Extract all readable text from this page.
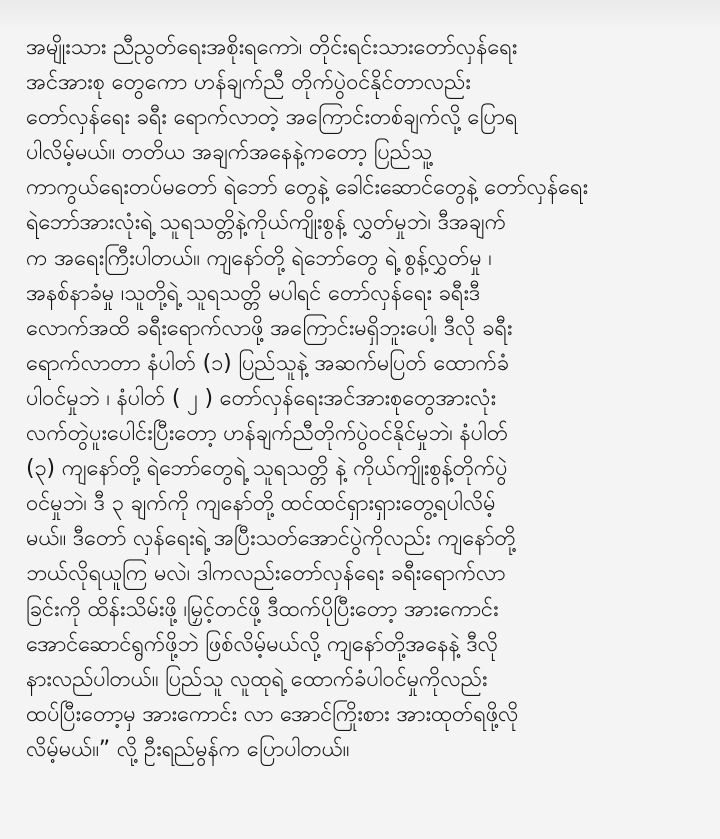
အမျိုးသား ညီညွတ်ရေးအစိုးရကောဲ၊ တိုင်းရင်းသားတော်လှန်ရေး
အင်အားစု တွေကော ဟန်ချက်ညီ တိုက်ပွဲဝင်နိုင်တာလည်း
တော်လှန်ရေး ခရီး ရောက်လာတဲ့ အကြောင်းတစ်ချက်လို့ ပြောရ
ပါလိမ့်မယ်။ တတိယ အချက်အနေနဲ့ကတော့ ပြည်သူ့
ကာကွယ်ရေးတပ်မတော် ရဲဘော် တွေနဲ့ ခေါင်းဆောင်တွေနဲ့ တော်လှန်ရေး
ရဲဘော်အားလုံးရဲ့ သူရသတ္တိနဲ့ကိုယ်ကျိုးစွန့် လွှတ်မှုဘဲ၊ ဒီအချက်
က အရေးကြီးပါတယ်။ ကျနော်တို့ ရဲဘော်တွေ ရဲ့ စွန့်လွှတ်မှု ၊
အနစ်နာခံမှု ၊သူတို့ရဲ့ သူရသတ္တိ မပါရင် တော်လှန်ရေး ခရီးဒီ
လောက်အထိ ခရီးရောက်လာဖို့ အကြောင်းမရှိဘူးပေါ့၊ ဒီလို ခရီး
ရောက်လာတာ နံပါတ် (၁) ပြည်သူနဲ့ အဆက်မပြတ် ထောက်ခံ
ပါဝင်မှုဘဲ ၊ နံပါတ် ( ၂ ) တော်လှန်ရေးအင်အားစုတွေအားလုံး
လက်တွဲပူးပေါင်းပြီးတော့ ဟန်ချက်ညီတိုက်ပွဲဝင်နိုင်မှုဘဲ၊ နံပါတ်
(၃) ကျနော်တို့ ရဲဘော်တွေရဲ့ သူရသတ္တိ နဲ့ ကိုယ်ကျိုးစွန့်တိုက်ပွဲ
ဝင်မှုဘဲ၊ ဒီ ၃ ချက်ကို ကျနော်တို့ ထင်ထင်ရှားရှားတွေ့ရပါလိမ့်
မယ်။ ဒီတော် လှန်ရေးရဲ့ အပြီးသတ်အောင်ပွဲကိုလည်း ကျနော်တို့
ဘယ်လိုရယူကြ မလဲ၊ ဒါကလည်းတော်လှန်ရေး ခရီးရောက်လာ
ခြင်းကို ထိန်းသိမ်းဖို့ ၊မြှင့်တင်ဖို့ ဒီထက်ပိုပြီးတော့ အားကောင်း
အောင်ဆောင်ရွက်ဖို့ဘဲ ဖြစ်လိမ့်မယ်လို့ ကျနော်တို့အနေနဲ့ ဒီလို
နားလည်ပါတယ်။ ပြည်သူ လူထုရဲ့ ထောက်ခံပါဝင်မှုကိုလည်း
ထပ်ပြီးတော့မှ အားကောင်း လာ အောင်ကြိုးစား အားထုတ်ရဖို့လို
လိမ့်မယ်။” လို့ ဦးရည်မွန်က ပြောပါတယ်။
